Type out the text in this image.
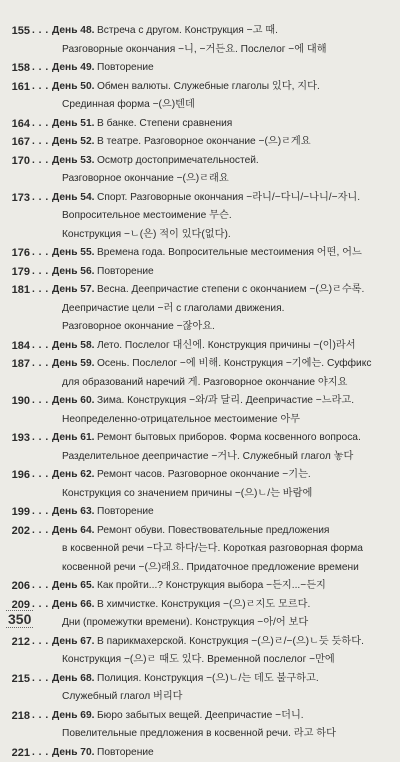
155 . . . День 48. Встреча с другом. Конструкция −고 때.
Разговорные окончания −니, −거든요. Послелог −에 대해
158 . . . День 49. Повторение
161 . . . День 50. Обмен валюты. Служебные глаголы 있다, 지다.
Срединная форма −(으)텐데
164 . . . День 51. В банке. Степени сравнения
167 . . . День 52. В театре. Разговорное окончание −(으)ㄹ게요
170 . . . День 53. Осмотр достопримечательностей.
Разговорное окончание −(으)ㄹ래요
173 . . . День 54. Спорт. Разговорные окончания −라니/−다니/−나니/−자니.
Вопросительное местоимение 무슨.
Конструкция −ㄴ(은) 적이 있다(없다).
176 . . . День 55. Времена года. Вопросительные местоимения 어떤, 어느
179 . . . День 56. Повторение
181 . . . День 57. Весна. Деепричастие степени с окончанием −(으)ㄹ수록.
Деепричастие цели −러 с глаголами движения.
Разговорное окончание −잖아요.
184 . . . День 58. Лето. Послелог 대신에. Конструкция причины −(이)라서
187 . . . День 59. Осень. Послелог −에 비해. Конструкция −기에는. Суффикс
для образований наречий 게. Разговорное окончание 야지요
190 . . . День 60. Зима. Конструкция −와/과 달리. Деепричастие −느라고.
Неопределенно-отрицательное местоимение 아무
193 . . . День 61. Ремонт бытовых приборов. Форма косвенного вопроса.
Разделительное деепричастие −거나. Служебный глагол 놓다
196 . . . День 62. Ремонт часов. Разговорное окончание −기는.
Конструкция со значением причины −(으)ㄴ/는 바람에
199 . . . День 63. Повторение
202 . . . День 64. Ремонт обуви. Повествовательные предложения
в косвенной речи −다고 하다/는다. Короткая разговорная форма
косвенной речи −(으)래요. Придаточное предложение времени
206 . . . День 65. Как пройти...? Конструкция выбора −든지...−든지
209 . . . День 66. В химчистке. Конструкция −(으)ㄹ지도 모르다.
Дни (промежутки времени). Конструкция −아/어 보다
212 . . . День 67. В парикмахерской. Конструкция −(으)ㄹ/−(으)ㄴ듯 듯하다.
Конструкция −(으)ㄹ 때도 있다. Временной послелог −만에
215 . . . День 68. Полиция. Конструкция −(으)ㄴ/는 데도 불구하고.
Служебный глагол 버리다
218 . . . День 69. Бюро забытых вещей. Деепричастие −더니.
Повелительные предложения в косвенной речи. 라고 하다
221 . . . День 70. Повторение
350
